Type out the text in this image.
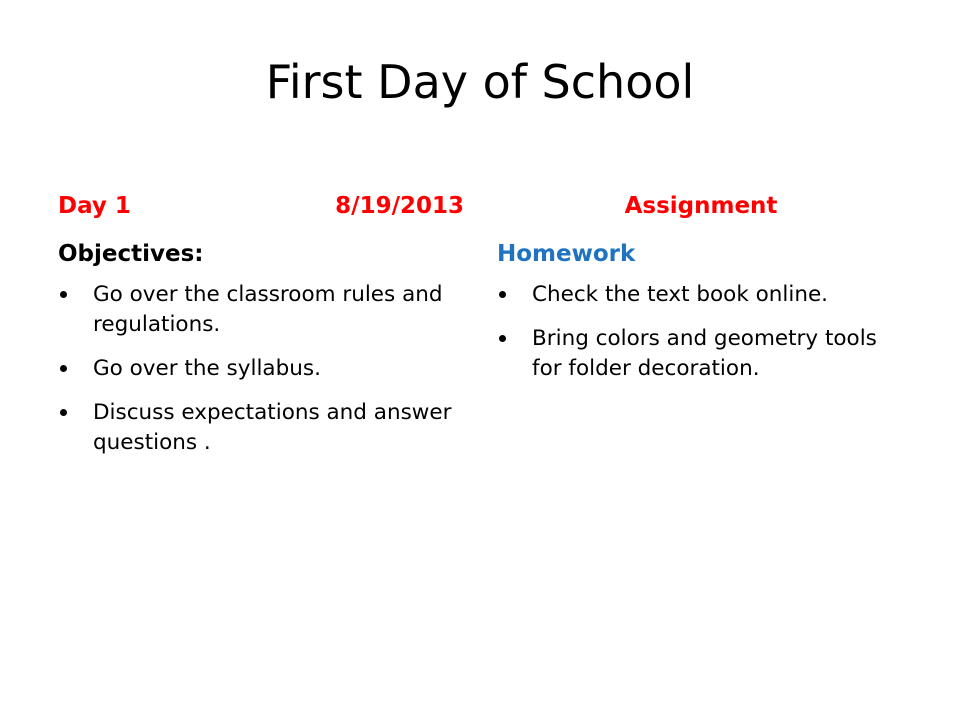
First Day of School
Day 1	8/19/2013
Objectives:
Go over the classroom rules and regulations.
Go over the syllabus.
Discuss expectations and answer questions .
Assignment
Homework
Check the text book online.
Bring colors and geometry tools for folder decoration.
